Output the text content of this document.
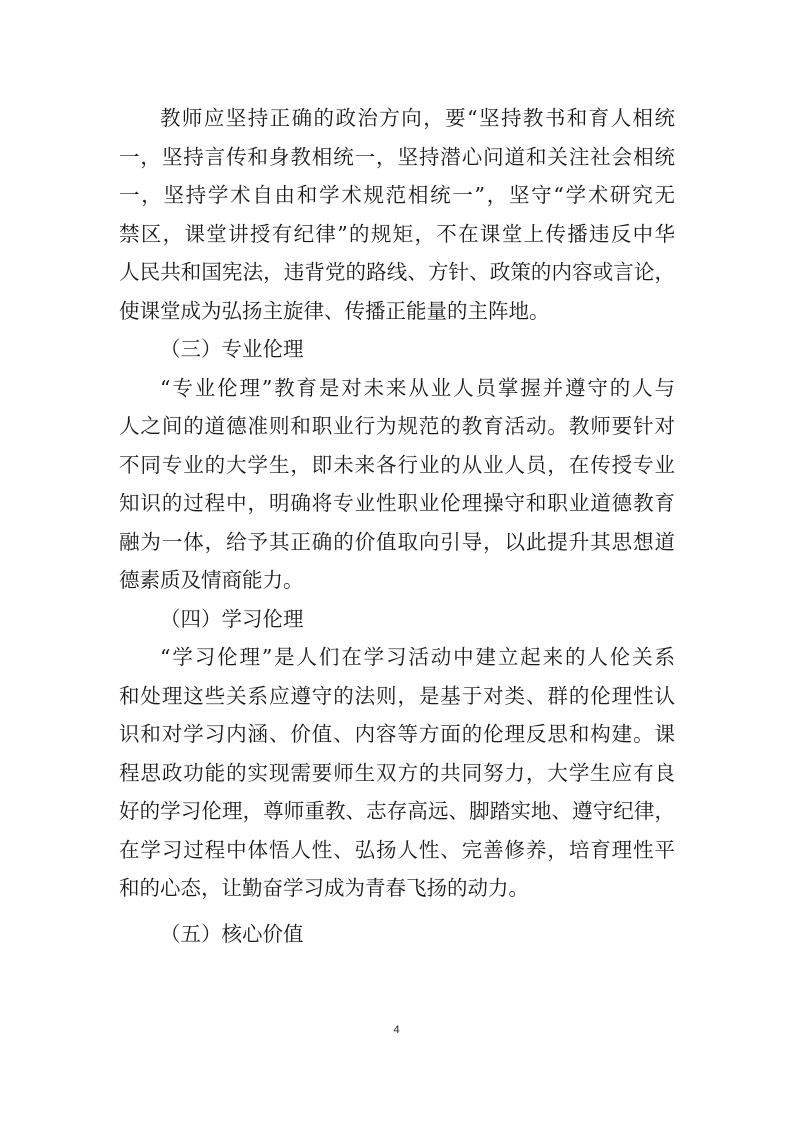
教师应坚持正确的政治方向，要“坚持教书和育人相统
一，坚持言传和身教相统一，坚持潜心问道和关注社会相统
一，坚持学术自由和学术规范相统一”，坚守“学术研究无
禁区，课堂讲授有纪律”的规矩，不在课堂上传播违反中华
人民共和国宪法，违背党的路线、方针、政策的内容或言论，
使课堂成为弘扬主旋律、传播正能量的主阵地。
（三）专业伦理
“专业伦理”教育是对未来从业人员掌握并遵守的人与
人之间的道德准则和职业行为规范的教育活动。教师要针对
不同专业的大学生，即未来各行业的从业人员，在传授专业
知识的过程中，明确将专业性职业伦理操守和职业道德教育
融为一体，给予其正确的价值取向引导，以此提升其思想道
德素质及情商能力。
（四）学习伦理
“学习伦理”是人们在学习活动中建立起来的人伦关系
和处理这些关系应遵守的法则，是基于对类、群的伦理性认
识和对学习内涵、价值、内容等方面的伦理反思和构建。课
程思政功能的实现需要师生双方的共同努力，大学生应有良
好的学习伦理，尊师重教、志存高远、脚踏实地、遵守纪律，
在学习过程中体悟人性、弘扬人性、完善修养，培育理性平
和的心态，让勤奋学习成为青春飞扬的动力。
（五）核心价值
4
